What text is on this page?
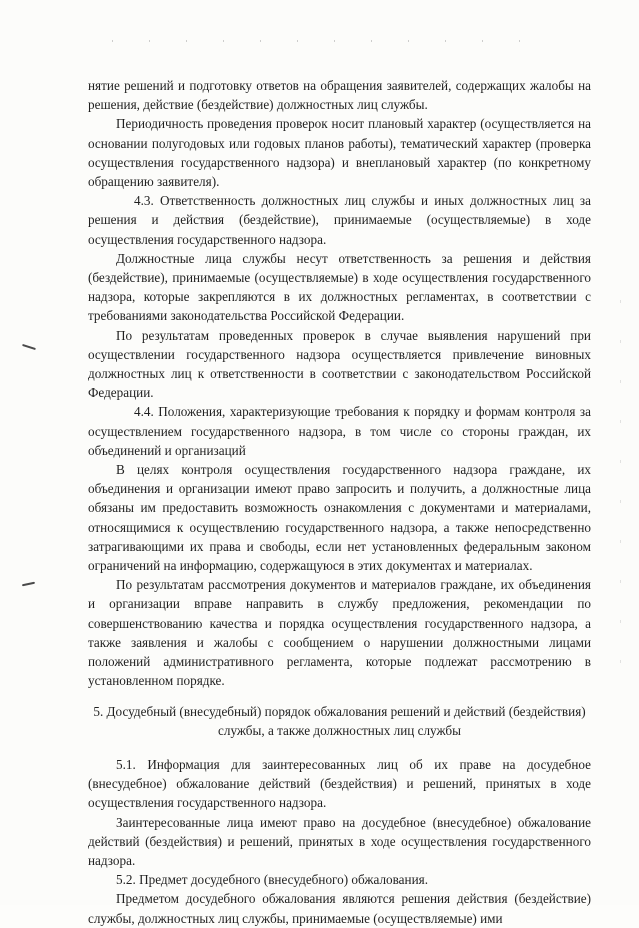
нятие решений и подготовку ответов на обращения заявителей, содержащих жалобы на решения, действие (бездействие) должностных лиц службы.

Периодичность проведения проверок носит плановый характер (осуществляется на основании полугодовых или годовых планов работы), тематический характер (проверка осуществления государственного надзора) и внеплановый характер (по конкретному обращению заявителя).

4.3. Ответственность должностных лиц службы и иных должностных лиц за решения и действия (бездействие), принимаемые (осуществляемые) в ходе осуществления государственного надзора.

Должностные лица службы несут ответственность за решения и действия (бездействие), принимаемые (осуществляемые) в ходе осуществления государственного надзора, которые закрепляются в их должностных регламентах, в соответствии с требованиями законодательства Российской Федерации.

По результатам проведенных проверок в случае выявления нарушений при осуществлении государственного надзора осуществляется привлечение виновных должностных лиц к ответственности в соответствии с законодательством Российской Федерации.

4.4. Положения, характеризующие требования к порядку и формам контроля за осуществлением государственного надзора, в том числе со стороны граждан, их объединений и организаций

В целях контроля осуществления государственного надзора граждане, их объединения и организации имеют право запросить и получить, а должностные лица обязаны им предоставить возможность ознакомления с документами и материалами, относящимися к осуществлению государственного надзора, а также непосредственно затрагивающими их права и свободы, если нет установленных федеральным законом ограничений на информацию, содержащуюся в этих документах и материалах.

По результатам рассмотрения документов и материалов граждане, их объединения и организации вправе направить в службу предложения, рекомендации по совершенствованию качества и порядка осуществления государственного надзора, а также заявления и жалобы с сообщением о нарушении должностными лицами положений административного регламента, которые подлежат рассмотрению в установленном порядке.

5. Досудебный (внесудебный) порядок обжалования решений и действий (бездействия) службы, а также должностных лиц службы

5.1. Информация для заинтересованных лиц об их праве на досудебное (внесудебное) обжалование действий (бездействия) и решений, принятых в ходе осуществления государственного надзора.

Заинтересованные лица имеют право на досудебное (внесудебное) обжалование действий (бездействия) и решений, принятых в ходе осуществления государственного надзора.

5.2. Предмет досудебного (внесудебного) обжалования.

Предметом досудебного обжалования являются решения действия (бездействие) службы, должностных лиц службы, принимаемые (осуществляемые) ими
